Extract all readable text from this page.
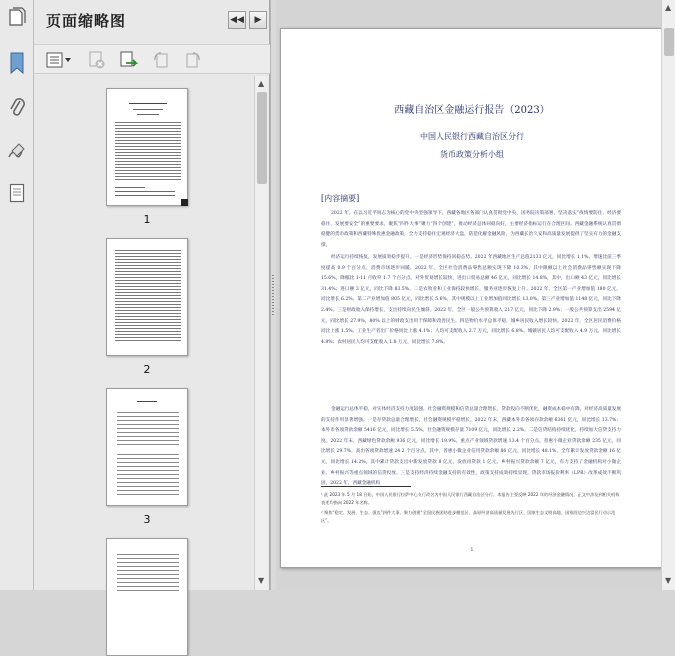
页面缩略图	◀◀ ▶
1
2
3
▲
▼
西藏自治区金融运行报告（2023）
中国人民银行西藏自治区分行
货币政策分析小组
[内容摘要]
2022 年，在以习近平同志为核心的党中央坚强领导下，西藏各地区各部门认真贯彻党中央、国务院决策部署，坚决落实“疫情要防住、经济要稳住、发展要安全”的重要要求，聚焦“四件大事”聚力“四个创建”，推动经济总体回稳向好，主要经济指标运行在合理区间。西藏金融系统认真贯彻稳健的货币政策和西藏特殊优惠金融政策，全力支持稳住宏观经济大盘，防范化解金融风险，为西藏长治久安和高质量发展提供了坚实有力的金融支撑。
经济运行持续恢复，发展质效稳步提升。一是经济形势保持回稳态势。2022 年西藏地区生产总值2133 亿元，同比增长 1.1%，增速比前三季度提高 0.9 个百分点，消费市场逐步回暖。2022 年，全区社会消费品零售总额实现下降 10.3%，其中限额以上社会消费品零售额实现下降 15.6%，降幅比 1-11 月收窄 1.7 个百分点。对外贸易增长较快，进出口贸易总额 46 亿元，同比增长 14.8%，其中，出口额 43 亿元，同比增长 31.4%；进口额 3 亿元，同比下降 83.5%。二是农牧业和工业保持较快增长，服务业逐步恢复上升。2022 年，全区第一产业增加值 180 亿元，同比增长 6.2%。第二产业增加值 805 亿元，同比增长 5.6%，其中规模以上工业增加值同比增长 13.0%。第三产业增加值 1148 亿元，同比下降 2.4%。三是财政收入保持增长，支出持续向民生倾斜。2022 年，全区一般公共预算收入 217 亿元，同比下降 2.9%；一般公共预算支出 2594 亿元，同比增长 27.9%，80% 以上的财政支出用于保障和改善民生。四是物价水平总体平稳，城乡居民收入增长较快。2022 年，全区居民消费价格同比上涨 1.5%。工业生产者出厂价格同比上涨 4.1%；人均可支配收入 2.7 万元，同比增长 6.8%。城镇居民人均可支配收入 4.9 万元，同比增长 4.8%；农村居民人均可支配收入 1.8 万元，同比增长 7.8%。
金融运行总体平稳，对实体经济支持力度较强，社会融资规模和信贷总量合理增长，贷款投向不断优化，融资成本稳中有降，对经济高质量发展的支持作用显著增强。一是存贷款总量合理增长，社会融资规模平稳增长。2022 年末，西藏本外币各项存款余额 6361 亿元，同比增长 13.7%；本外币各项贷款余额 5416 亿元，同比增长 5.5%。社会融资规模存量 7109 亿元，同比增长 2.2%。二是信贷结构持续优化，持续加大信贷支持力度。2022 年末，西藏绿色贷款余额 936 亿元，同比增长 19.9%。重点产业领域贷款增速 13.4 个百分点。普惠小微企业贷款余额 235 亿元，同比增长 29.7%，高出各项贷款增速 24.2 个百分点。其中，普惠小微企业信用贷款余额 86 亿元，同比增长 48.1%，全年累计发放贷款金额 16 亿元，同比增长 14.2%。其中累计贷款支出中新发放贷款 8 亿元，发放再贷款 1 亿元。乡村振兴贷款余额 7 亿元，有力支持了金融机构对小微企业、乡村振兴等重点领域的信贷投放。三是支持经济持续金融支持的有效性，政策支持成效持续显现。贷款市场报价利率（LPR）改革成效不断巩固，2022 年，西藏金融机构
¹ 此 2023 年 5 月 18 日始，中国人民银行拉萨中心支行改名为中国人民银行西藏自治区分行。本报告主要反映 2022 年的经济金融情况，正文中涉及到相关机构表述均指向 2022 年名称。
² 聚焦“稳定、发展、生态、强边”四件大事，聚力创建“全国民族团结进步模范区、高原经济高质量发展先行区、国家生态文明高地、国家固边兴边富民行动示范区”。
1
▲
▼
